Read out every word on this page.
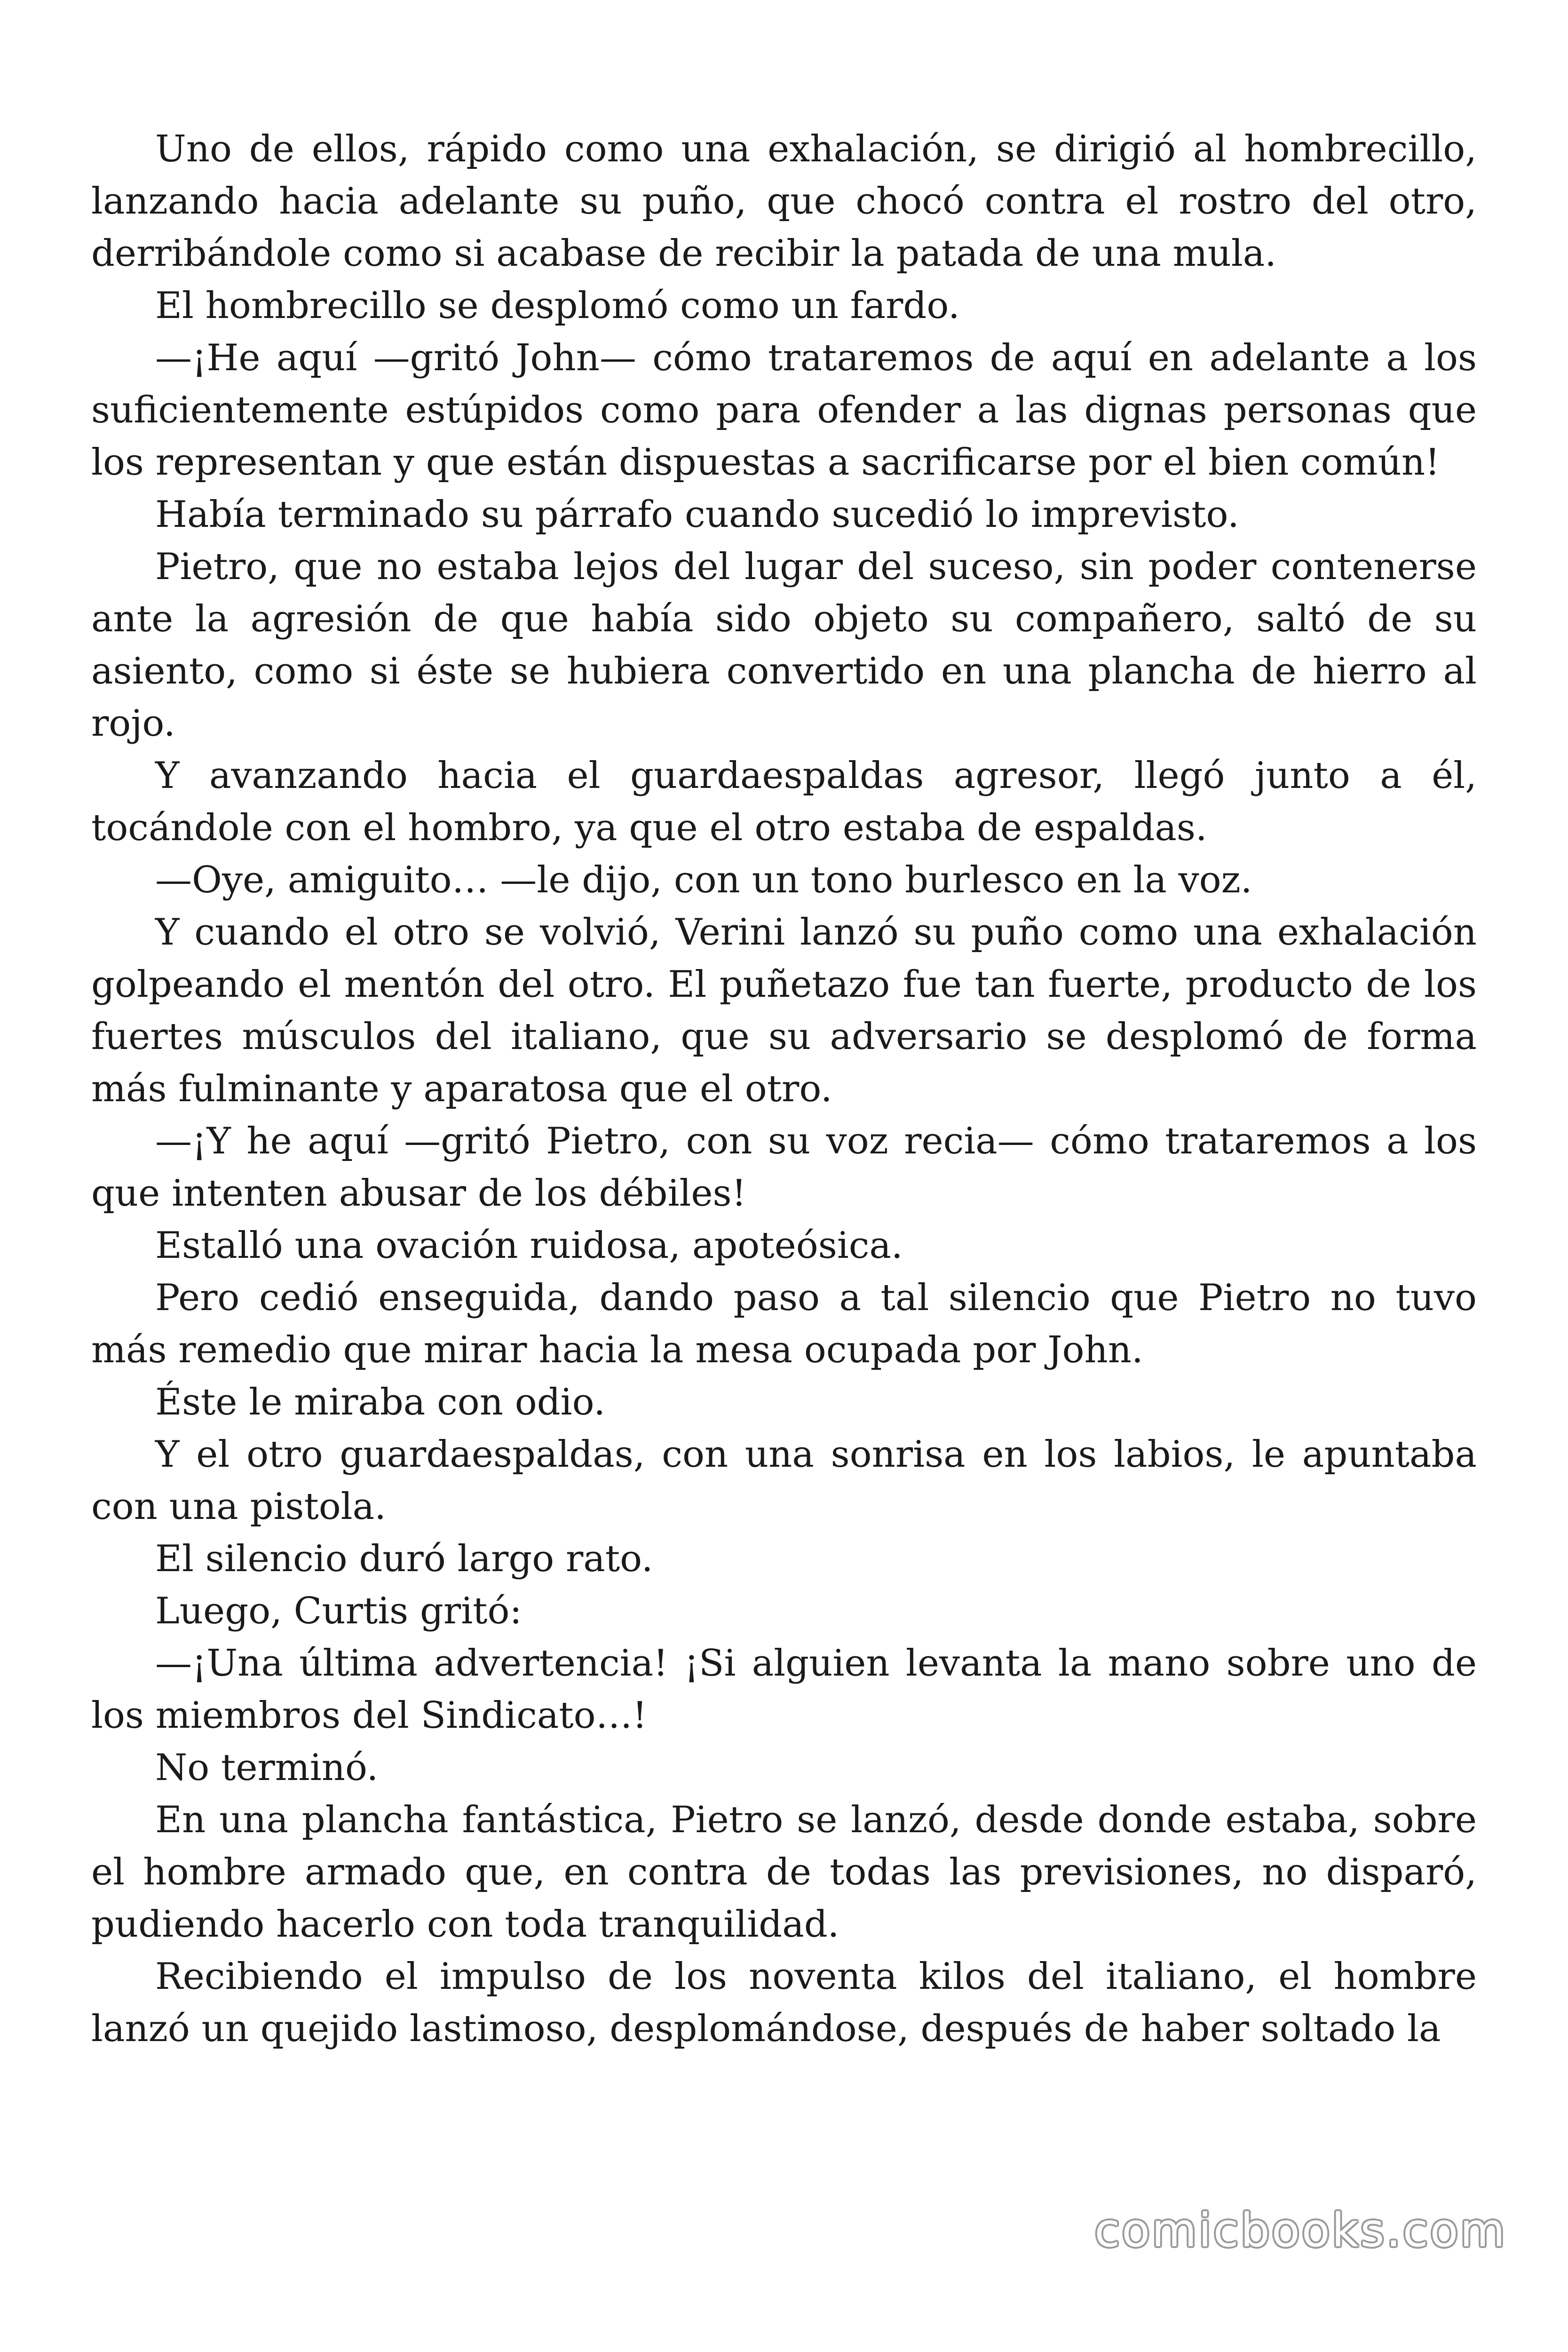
Uno de ellos, rápido como una exhalación, se dirigió al hombrecillo, lanzando hacia adelante su puño, que chocó contra el rostro del otro, derribándole como si acabase de recibir la patada de una mula.

El hombrecillo se desplomó como un fardo.

—¡He aquí —gritó John— cómo trataremos de aquí en adelante a los suficientemente estúpidos como para ofender a las dignas personas que los representan y que están dispuestas a sacrificarse por el bien común!

Había terminado su párrafo cuando sucedió lo imprevisto.

Pietro, que no estaba lejos del lugar del suceso, sin poder contenerse ante la agresión de que había sido objeto su compañero, saltó de su asiento, como si éste se hubiera convertido en una plancha de hierro al rojo.

Y avanzando hacia el guardaespaldas agresor, llegó junto a él, tocándole con el hombro, ya que el otro estaba de espaldas.

—Oye, amiguito… —le dijo, con un tono burlesco en la voz.

Y cuando el otro se volvió, Verini lanzó su puño como una exhalación golpeando el mentón del otro. El puñetazo fue tan fuerte, producto de los fuertes músculos del italiano, que su adversario se desplomó de forma más fulminante y aparatosa que el otro.

—¡Y he aquí —gritó Pietro, con su voz recia— cómo trataremos a los que intenten abusar de los débiles!

Estalló una ovación ruidosa, apoteósica.

Pero cedió enseguida, dando paso a tal silencio que Pietro no tuvo más remedio que mirar hacia la mesa ocupada por John.

Éste le miraba con odio.

Y el otro guardaespaldas, con una sonrisa en los labios, le apuntaba con una pistola.

El silencio duró largo rato.

Luego, Curtis gritó:

—¡Una última advertencia! ¡Si alguien levanta la mano sobre uno de los miembros del Sindicato…!

No terminó.

En una plancha fantástica, Pietro se lanzó, desde donde estaba, sobre el hombre armado que, en contra de todas las previsiones, no disparó, pudiendo hacerlo con toda tranquilidad.

Recibiendo el impulso de los noventa kilos del italiano, el hombre lanzó un quejido lastimoso, desplomándose, después de haber soltado la

comicbooks.com
